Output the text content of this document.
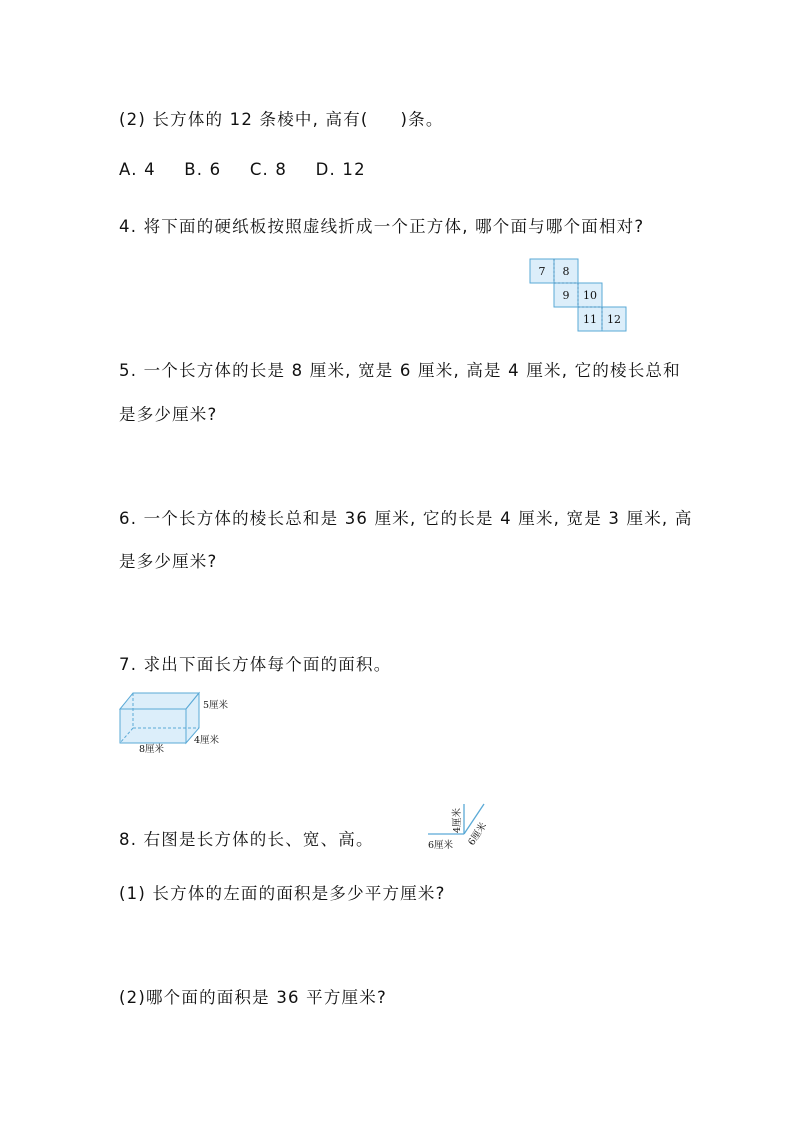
(2) 长方体的 12 条棱中, 高有( )条。
A. 4 B. 6 C. 8 D. 12
4. 将下面的硬纸板按照虚线折成一个正方体, 哪个面与哪个面相对?
7 8
9 10
11 12
5. 一个长方体的长是 8 厘米, 宽是 6 厘米, 高是 4 厘米, 它的棱长总和
是多少厘米?
6. 一个长方体的棱长总和是 36 厘米, 它的长是 4 厘米, 宽是 3 厘米, 高
是多少厘米?
7. 求出下面长方体每个面的面积。
5厘米
4厘米
8厘米
8. 右图是长方体的长、宽、高。	6厘米
4厘米
6厘米
(1) 长方体的左面的面积是多少平方厘米?
(2)哪个面的面积是 36 平方厘米?
